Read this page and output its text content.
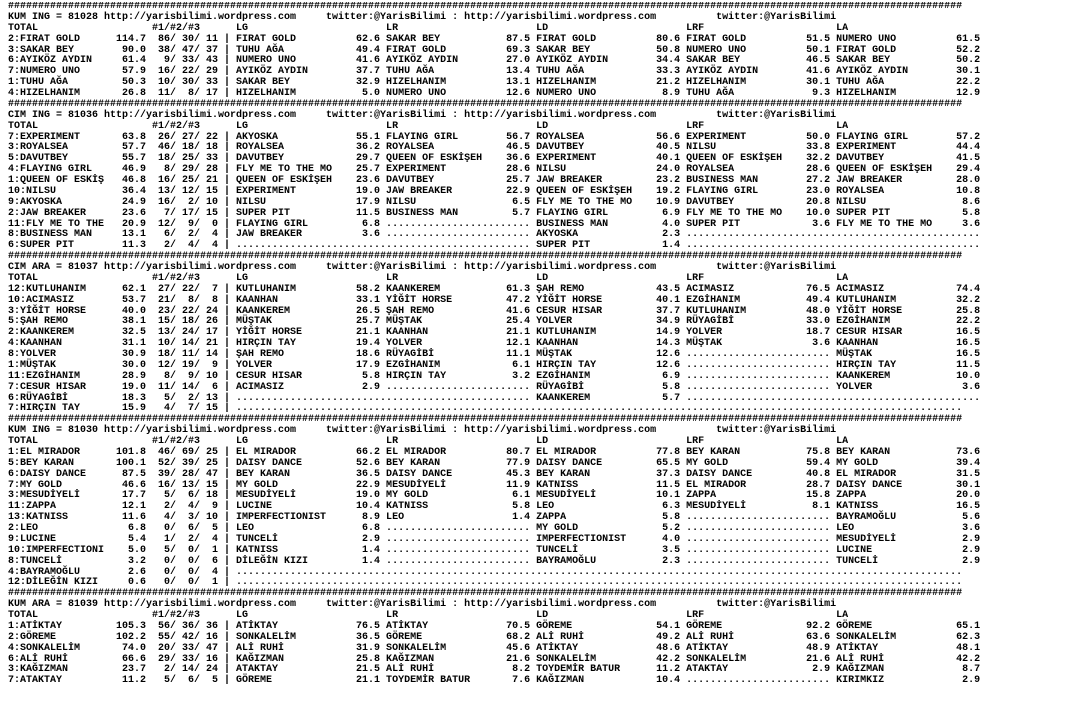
###############################################################################################################################################################
KUM ING = 81028 http://yarisbilimi.wordpress.com     twitter:@YarisBilimi : http://yarisbilimi.wordpress.com          twitter:@YarisBilimi
TOTAL                   #1/#2/#3      LG                       LR                       LD                       LRF                      LA
2:FIRAT GOLD      114.7  86/ 30/ 11 | FIRAT GOLD          62.6 SAKAR BEY           87.5 FIRAT GOLD          80.6 FIRAT GOLD          51.5 NUMERO UNO          61.5
3:SAKAR BEY        90.0  38/ 47/ 37 | TUHU AĞA            49.4 FIRAT GOLD          69.3 SAKAR BEY           50.8 NUMERO UNO          50.1 FIRAT GOLD          52.2
6:AYIKÖZ AYDIN     61.4   9/ 33/ 43 | NUMERO UNO          41.6 AYIKÖZ AYDIN        27.0 AYIKÖZ AYDIN        34.4 SAKAR BEY           46.5 SAKAR BEY           50.2
7:NUMERO UNO       57.9  16/ 22/ 29 | AYIKÖZ AYDIN        37.7 TUHU AĞA            13.4 TUHU AĞA            33.3 AYIKÖZ AYDIN        41.6 AYIKÖZ AYDIN        30.1
1:TUHU AĞA         50.3  10/ 30/ 33 | SAKAR BEY           32.9 HIZELHANIM          13.1 HIZELHANIM          21.2 HIZELHANIM          30.1 TUHU AĞA            22.2
4:HIZELHANIM       26.8  11/  8/ 17 | HIZELHANIM           5.0 NUMERO UNO          12.6 NUMERO UNO           8.9 TUHU AĞA             9.3 HIZELHANIM          12.9
###############################################################################################################################################################
CIM ING = 81036 http://yarisbilimi.wordpress.com     twitter:@YarisBilimi : http://yarisbilimi.wordpress.com          twitter:@YarisBilimi
TOTAL                   #1/#2/#3      LG                       LR                       LD                       LRF                      LA
7:EXPERIMENT       63.8  26/ 27/ 22 | AKYOSKA             55.1 FLAYING GIRL        56.7 ROYALSEA            56.6 EXPERIMENT          50.0 FLAYING GIRL        57.2
3:ROYALSEA         57.7  46/ 18/ 18 | ROYALSEA            36.2 ROYALSEA            46.5 DAVUTBEY            40.5 NILSU               33.8 EXPERIMENT          44.4
5:DAVUTBEY         55.7  18/ 25/ 33 | DAVUTBEY            29.7 QUEEN OF ESKİŞEH    36.6 EXPERIMENT          40.1 QUEEN OF ESKİŞEH    32.2 DAVUTBEY            41.5
4:FLAYING GIRL     46.9   8/ 29/ 28 | FLY ME TO THE MO    25.7 EXPERIMENT          28.6 NILSU               24.0 ROYALSEA            28.6 QUEEN OF ESKİŞEH    29.4
1:QUEEN OF ESKİŞ   46.8  16/ 25/ 21 | QUEEN OF ESKİŞEH    23.6 DAVUTBEY            25.7 JAW BREAKER         23.2 BUSINESS MAN        27.2 JAW BREAKER         28.0
10:NILSU           36.4  13/ 12/ 15 | EXPERIMENT          19.0 JAW BREAKER         22.9 QUEEN OF ESKİŞEH    19.2 FLAYING GIRL        23.0 ROYALSEA            10.8
9:AKYOSKA          24.9  16/  2/ 10 | NILSU               17.9 NILSU                6.5 FLY ME TO THE MO    10.9 DAVUTBEY            20.8 NILSU                8.6
2:JAW BREAKER      23.6   7/ 17/ 15 | SUPER PIT           11.5 BUSINESS MAN         5.7 FLAYING GIRL         6.9 FLY ME TO THE MO    10.0 SUPER PIT            5.8
11:FLY ME TO THE   20.9  12/  9/  0 | FLAYING GIRL         6.8 ........................ BUSINESS MAN         4.0 SUPER PIT            3.6 FLY ME TO THE MO     3.6
8:BUSINESS MAN     13.1   6/  2/  4 | JAW BREAKER          3.6 ........................ AKYOSKA              2.3 .................................................
6:SUPER PIT        11.3   2/  4/  4 | ................................................. SUPER PIT            1.4 .................................................
###############################################################################################################################################################
CIM ARA = 81037 http://yarisbilimi.wordpress.com     twitter:@YarisBilimi : http://yarisbilimi.wordpress.com          twitter:@YarisBilimi
TOTAL                   #1/#2/#3      LG                       LR                       LD                       LRF                      LA
12:KUTLUHANIM      62.1  27/ 22/  7 | KUTLUHANIM          58.2 KAANKEREM           61.3 ŞAH REMO            43.5 ACIMASIZ            76.5 ACIMASIZ            74.4
10:ACIMASIZ        53.7  21/  8/  8 | KAANHAN             33.1 YİĞİT HORSE         47.2 YİĞİT HORSE         40.1 EZGİHANIM           49.4 KUTLUHANIM          32.2
3:YİĞİT HORSE      40.0  23/ 22/ 24 | KAANKEREM           26.5 ŞAH REMO            41.6 CESUR HISAR         37.7 KUTLUHANIM          48.0 YİĞİT HORSE         25.8
5:ŞAH REMO         38.1  15/ 18/ 26 | MÜŞTAK              25.7 MÜŞTAK              25.4 YOLVER              34.9 RÜYAGİBİ            33.0 EZGİHANIM           22.2
2:KAANKEREM        32.5  13/ 24/ 17 | YİĞİT HORSE         21.1 KAANHAN             21.1 KUTLUHANIM          14.9 YOLVER              18.7 CESUR HISAR         16.5
4:KAANHAN          31.1  10/ 14/ 21 | HIRÇIN TAY          19.4 YOLVER              12.1 KAANHAN             14.3 MÜŞTAK               3.6 KAANHAN             16.5
8:YOLVER           30.9  18/ 11/ 14 | ŞAH REMO            18.6 RÜYAGİBİ            11.1 MÜŞTAK              12.6 ........................ MÜŞTAK              16.5
1:MÜŞTAK           30.0  12/ 19/  9 | YOLVER              17.9 EZGİHANIM            6.1 HIRÇIN TAY          12.6 ........................ HIRÇIN TAY          11.5
11:EZGİHANIM       28.9   8/  9/ 10 | CESUR HISAR          5.8 HIRÇIN TAY           3.2 EZGİHANIM            6.9 ........................ KAANKEREM           10.0
7:CESUR HISAR      19.0  11/ 14/  6 | ACIMASIZ             2.9 ........................ RÜYAGİBİ             5.8 ........................ YOLVER               3.6
6:RÜYAGİBİ         18.3   5/  2/ 13 | ................................................. KAANKEREM            5.7 .................................................
7:HIRÇIN TAY       15.9   4/  7/ 15 | .........................................................................................................................
###############################################################################################################################################################
KUM ING = 81030 http://yarisbilimi.wordpress.com     twitter:@YarisBilimi : http://yarisbilimi.wordpress.com          twitter:@YarisBilimi
TOTAL                   #1/#2/#3      LG                       LR                       LD                       LRF                      LA
1:EL MIRADOR      101.8  46/ 69/ 25 | EL MIRADOR          66.2 EL MIRADOR          80.7 EL MIRADOR          77.8 BEY KARAN           75.8 BEY KARAN           73.6
5:BEY KARAN       100.1  52/ 39/ 25 | DAISY DANCE         52.6 BEY KARAN           77.9 DAISY DANCE         65.5 MY GOLD             59.4 MY GOLD             39.4
6:DAISY DANCE      87.5  39/ 28/ 47 | BEY KARAN           36.5 DAISY DANCE         45.3 BEY KARAN           37.3 DAISY DANCE         40.8 EL MIRADOR          31.5
7:MY GOLD          46.6  16/ 13/ 15 | MY GOLD             22.9 MESUDİYELİ          11.9 KATNISS             11.5 EL MIRADOR          28.7 DAISY DANCE         30.1
3:MESUDİYELİ       17.7   5/  6/ 18 | MESUDİYELİ          19.0 MY GOLD              6.1 MESUDİYELİ          10.1 ZAPPA               15.8 ZAPPA               20.0
11:ZAPPA           12.1   2/  4/  9 | LUCINE              10.4 KATNISS              5.8 LEO                  6.3 MESUDİYELİ           8.1 KATNISS             16.5
13:KATNISS         11.6   4/  3/ 10 | IMPERFECTIONIST      8.9 LEO                  1.4 ZAPPA                5.8 ........................ BAYRAMOĞLU           5.6
2:LEO               6.8   0/  6/  5 | LEO                  6.8 ........................ MY GOLD              5.2 ........................ LEO                  3.6
9:LUCINE            5.4   1/  2/  4 | TUNCELİ              2.9 ........................ IMPERFECTIONIST      4.0 ........................ MESUDİYELİ           2.9
10:IMPERFECTIONI    5.0   5/  0/  1 | KATNISS              1.4 ........................ TUNCELİ              3.5 ........................ LUCINE               2.9
8:TUNCELİ           3.2   0/  0/  6 | DİLEĞİN KIZI         1.4 ........................ BAYRAMOĞLU           2.3 ........................ TUNCELİ              2.9
4:BAYRAMOĞLU        2.6   0/  0/  4 | .........................................................................................................................
12:DİLEĞİN KIZI     0.6   0/  0/  1 | .........................................................................................................................
###############################################################################################################################################################
KUM ARA = 81039 http://yarisbilimi.wordpress.com     twitter:@YarisBilimi : http://yarisbilimi.wordpress.com          twitter:@YarisBilimi
TOTAL                   #1/#2/#3      LG                       LR                       LD                       LRF                      LA
1:ATİKTAY         105.3  56/ 36/ 36 | ATİKTAY             76.5 ATİKTAY             70.5 GÖREME              54.1 GÖREME              92.2 GÖREME              65.1
2:GÖREME          102.2  55/ 42/ 16 | SONKALELİM          36.5 GÖREME              68.2 ALİ RUHİ            49.2 ALİ RUHİ            63.6 SONKALELİM          62.3
4:SONKALELİM       74.0  20/ 33/ 47 | ALİ RUHİ            31.9 SONKALELİM          45.6 ATİKTAY             48.6 ATİKTAY             48.9 ATİKTAY             48.1
6:ALİ RUHİ         66.6  29/ 33/ 16 | KAĞIZMAN            25.8 KAĞIZMAN            21.6 SONKALELİM          42.2 SONKALELİM          21.6 ALİ RUHİ            42.2
3:KAĞIZMAN         23.7   2/ 14/ 24 | ATAKTAY             21.5 ALİ RUHİ             8.2 TOYDEMİR BATUR      11.2 ATAKTAY              2.9 KAĞIZMAN             8.7
7:ATAKTAY          11.2   5/  6/  5 | GÖREME              21.1 TOYDEMİR BATUR       7.6 KAĞIZMAN            10.4 ........................ KIRIMKIZ             2.9
